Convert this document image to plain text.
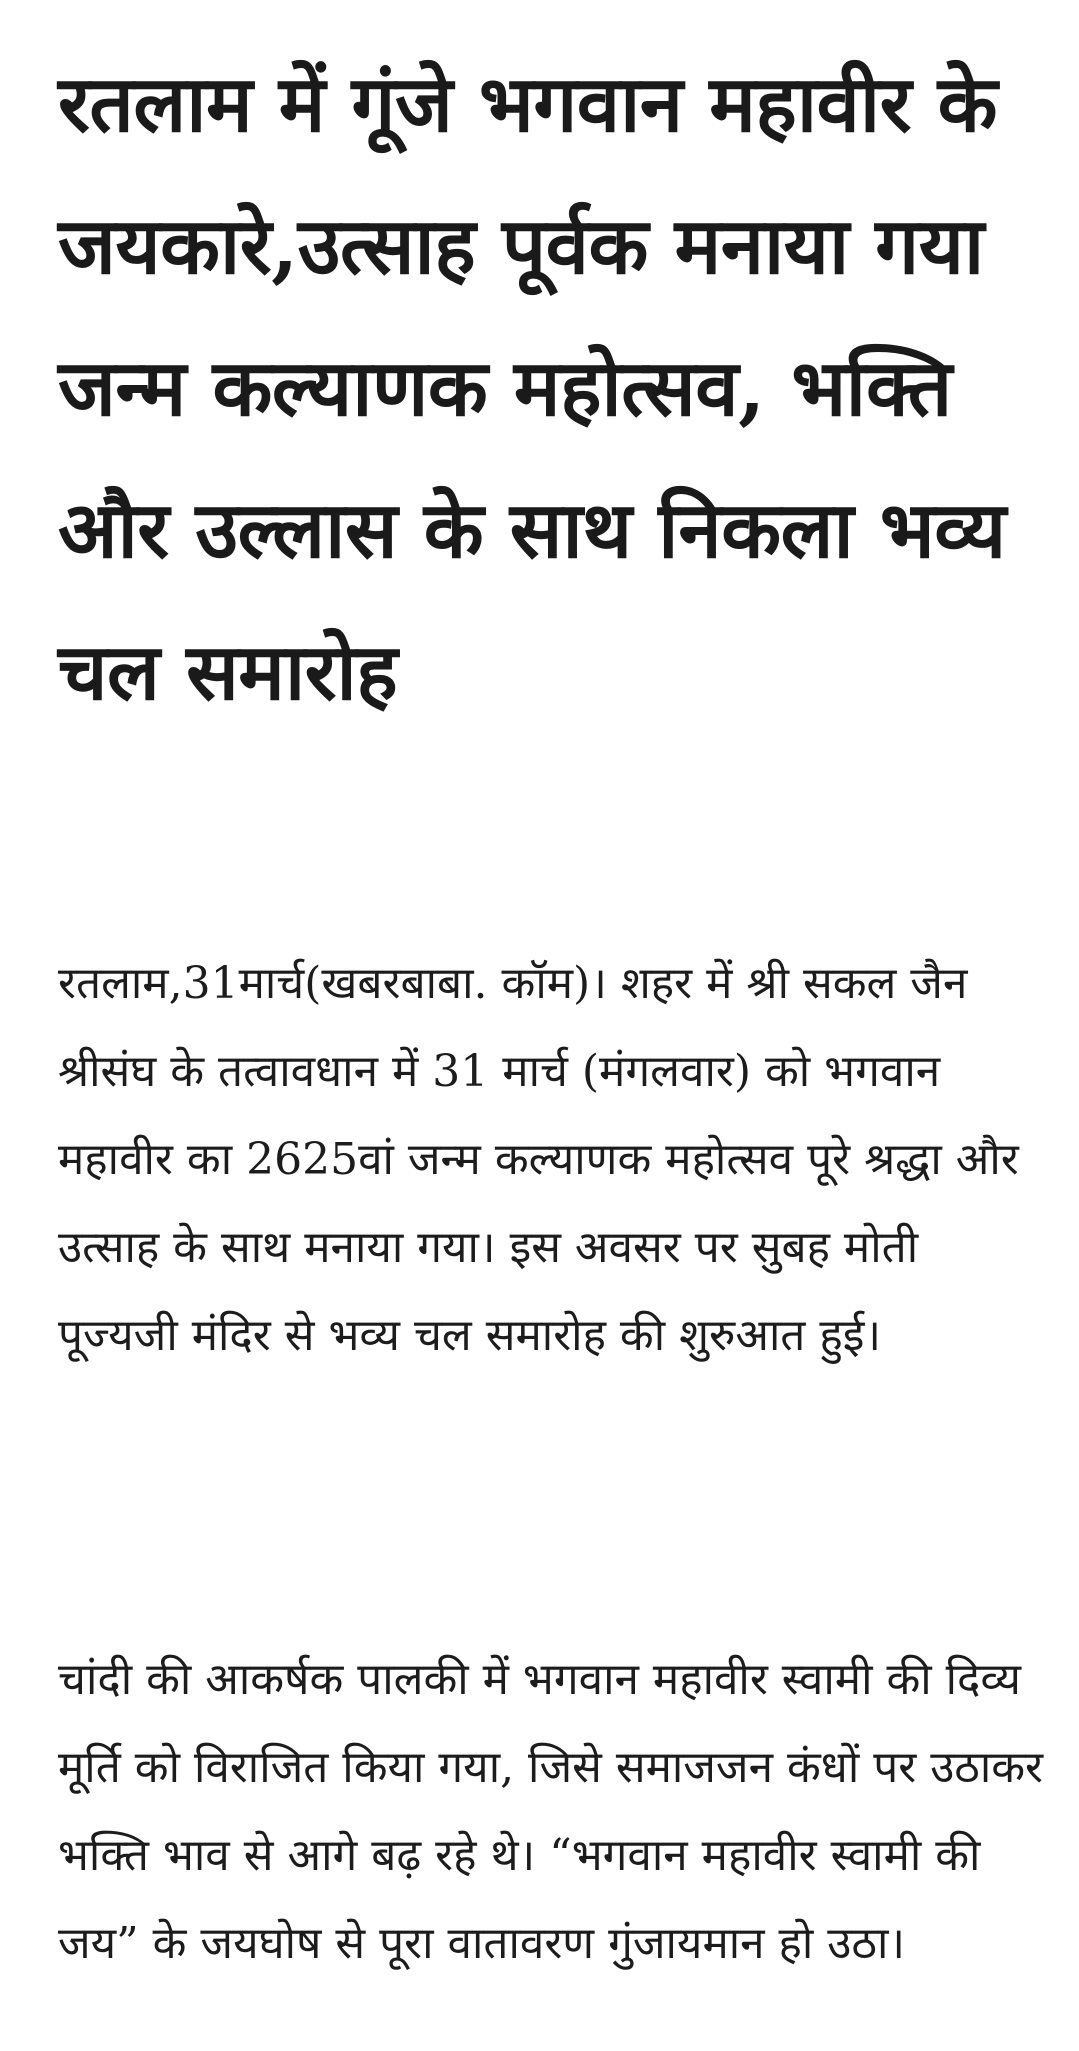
रतलाम में गूंजे भगवान महावीर के जयकारे,उत्साह पूर्वक मनाया गया जन्म कल्याणक महोत्सव, भक्ति और उल्लास के साथ निकला भव्य चल समारोह

रतलाम,31मार्च(खबरबाबा. कॉम)। शहर में श्री सकल जैन श्रीसंघ के तत्वावधान में 31 मार्च (मंगलवार) को भगवान महावीर का 2625वां जन्म कल्याणक महोत्सव पूरे श्रद्धा और उत्साह के साथ मनाया गया। इस अवसर पर सुबह मोती पूज्यजी मंदिर से भव्य चल समारोह की शुरुआत हुई।

चांदी की आकर्षक पालकी में भगवान महावीर स्वामी की दिव्य मूर्ति को विराजित किया गया, जिसे समाजजन कंधों पर उठाकर भक्ति भाव से आगे बढ़ रहे थे। “भगवान महावीर स्वामी की जय” के जयघोष से पूरा वातावरण गुंजायमान हो उठा।
